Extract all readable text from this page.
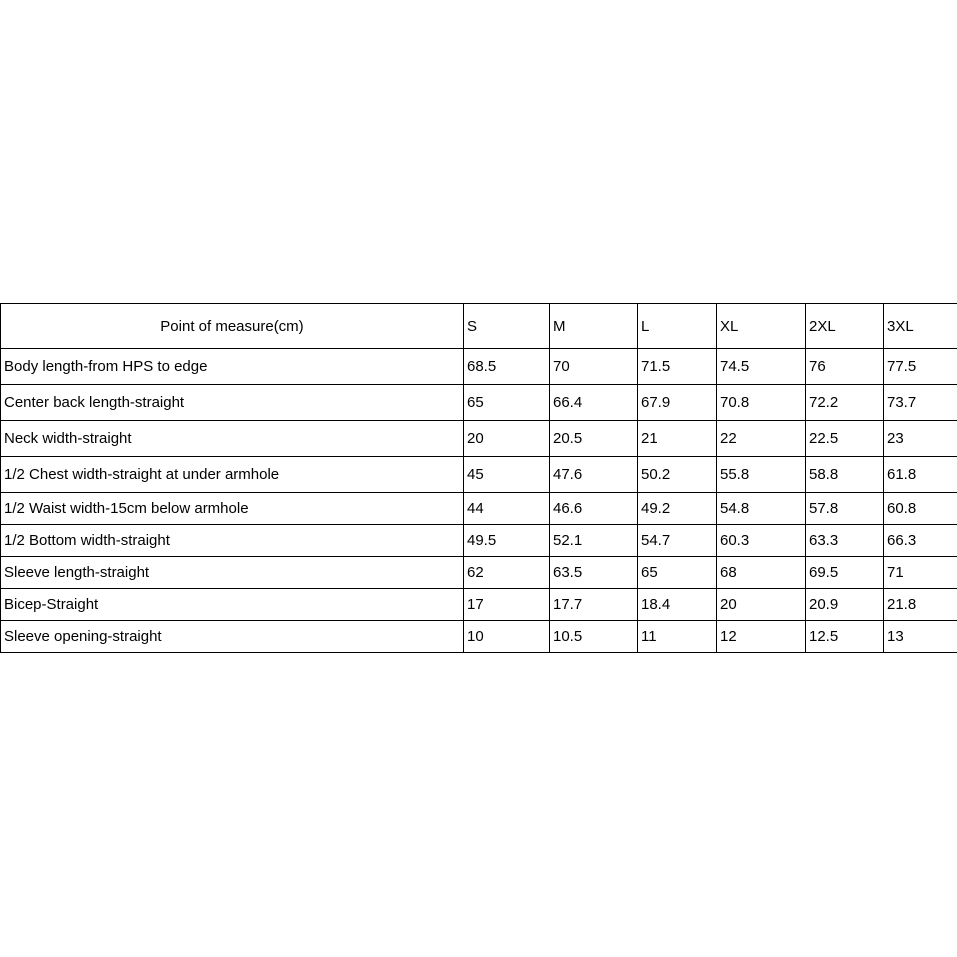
Point of measure(cm)	S	M	L	XL	2XL	3XL
Body length-from HPS to edge	68.5	70	71.5	74.5	76	77.5
Center back length-straight	65	66.4	67.9	70.8	72.2	73.7
Neck width-straight	20	20.5	21	22	22.5	23
1/2 Chest width-straight at under armhole	45	47.6	50.2	55.8	58.8	61.8
1/2 Waist width-15cm below armhole	44	46.6	49.2	54.8	57.8	60.8
1/2 Bottom width-straight	49.5	52.1	54.7	60.3	63.3	66.3
Sleeve length-straight	62	63.5	65	68	69.5	71
Bicep-Straight	17	17.7	18.4	20	20.9	21.8
Sleeve opening-straight	10	10.5	11	12	12.5	13
